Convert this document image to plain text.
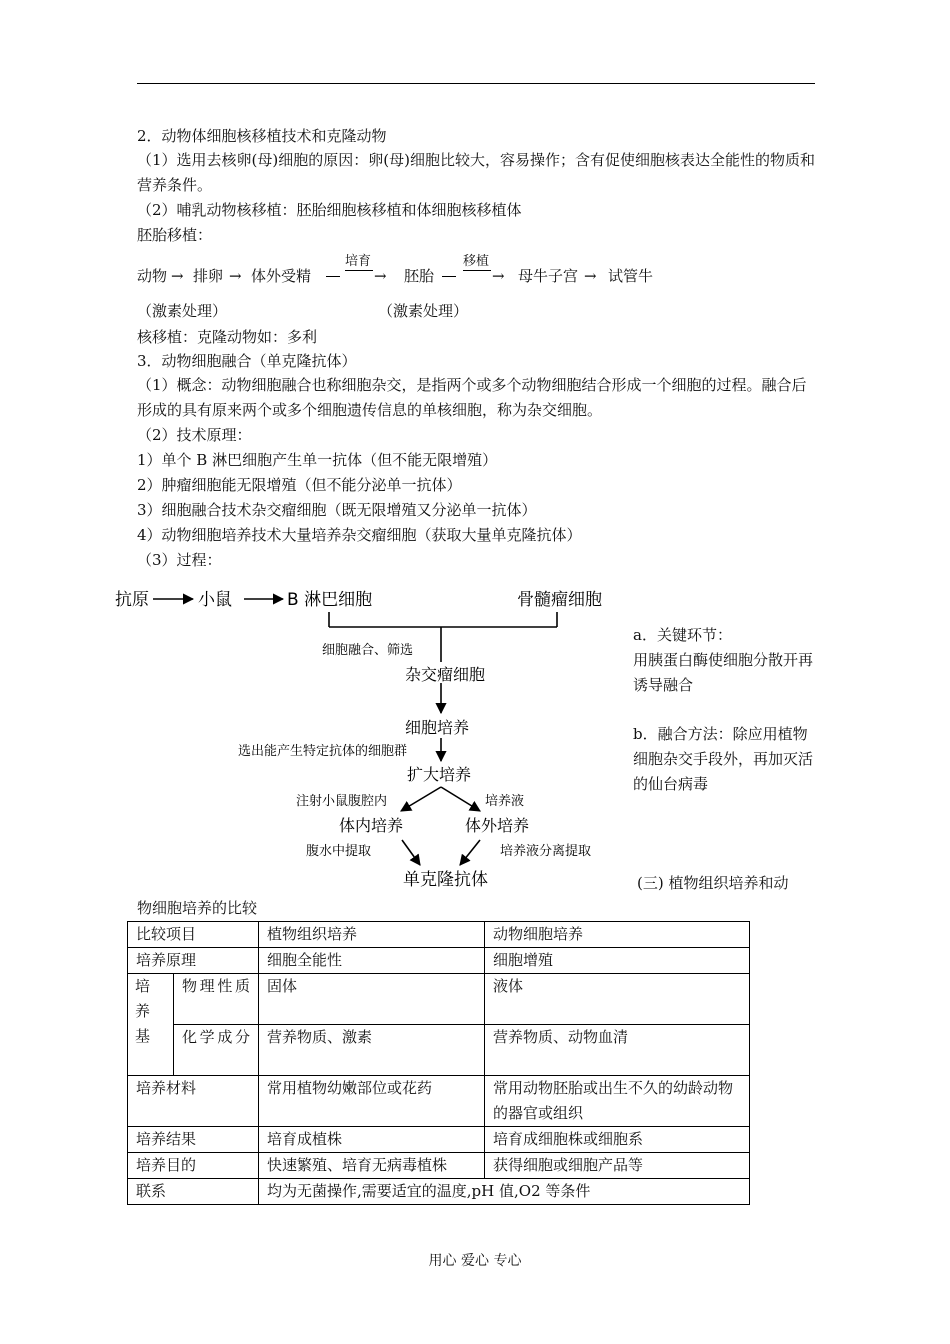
2．动物体细胞核移植技术和克隆动物
（1）选用去核卵(母)细胞的原因：卵(母)细胞比较大，容易操作；含有促使细胞核表达全能性的物质和营养条件。
（2）哺乳动物核移植：胚胎细胞核移植和体细胞核移植体
胚胎移植：
动物 → 排卵 → 体外受精
培育
→ 胚胎
移植
→ 母牛子宫 → 试管牛
（激素处理）	（激素处理）
核移植：克隆动物如：多利
3．动物细胞融合（单克隆抗体）
（1）概念：动物细胞融合也称细胞杂交，是指两个或多个动物细胞结合形成一个细胞的过程。融合后形成的具有原来两个或多个细胞遗传信息的单核细胞，称为杂交细胞。
（2）技术原理：
1）单个 B 淋巴细胞产生单一抗体（但不能无限增殖）
2）肿瘤细胞能无限增殖（但不能分泌单一抗体）
3）细胞融合技术杂交瘤细胞（既无限增殖又分泌单一抗体）
4）动物细胞培养技术大量培养杂交瘤细胞（获取大量单克隆抗体）
（3）过程：
抗原	小鼠	B 淋巴细胞	骨髓瘤细胞
细胞融合、筛选
杂交瘤细胞
细胞培养
选出能产生特定抗体的细胞群
扩大培养
注射小鼠腹腔内	培养液
体内培养	体外培养
腹水中提取	培养液分离提取
单克隆抗体
a．关键环节：
用胰蛋白酶使细胞分散开再诱导融合
b．融合方法：除应用植物细胞杂交手段外，再加灭活的仙台病毒
(三) 植物组织培养和动
物细胞培养的比较
比较项目		植物组织培养	动物细胞培养
培养原理		细胞全能性	细胞增殖

培养基	物理性质	固体	液体

	化学成分	营养物质、激素	营养物质、动物血清
培养材料		常用植物幼嫩部位或花药	常用动物胚胎或出生不久的幼龄动物的器官或组织
培养结果		培育成植株	培育成细胞株或细胞系
培养目的		快速繁殖、培育无病毒植株	获得细胞或细胞产品等
联系		均为无菌操作,需要适宜的温度,pH 值,O2 等条件	
用心 爱心 专心
